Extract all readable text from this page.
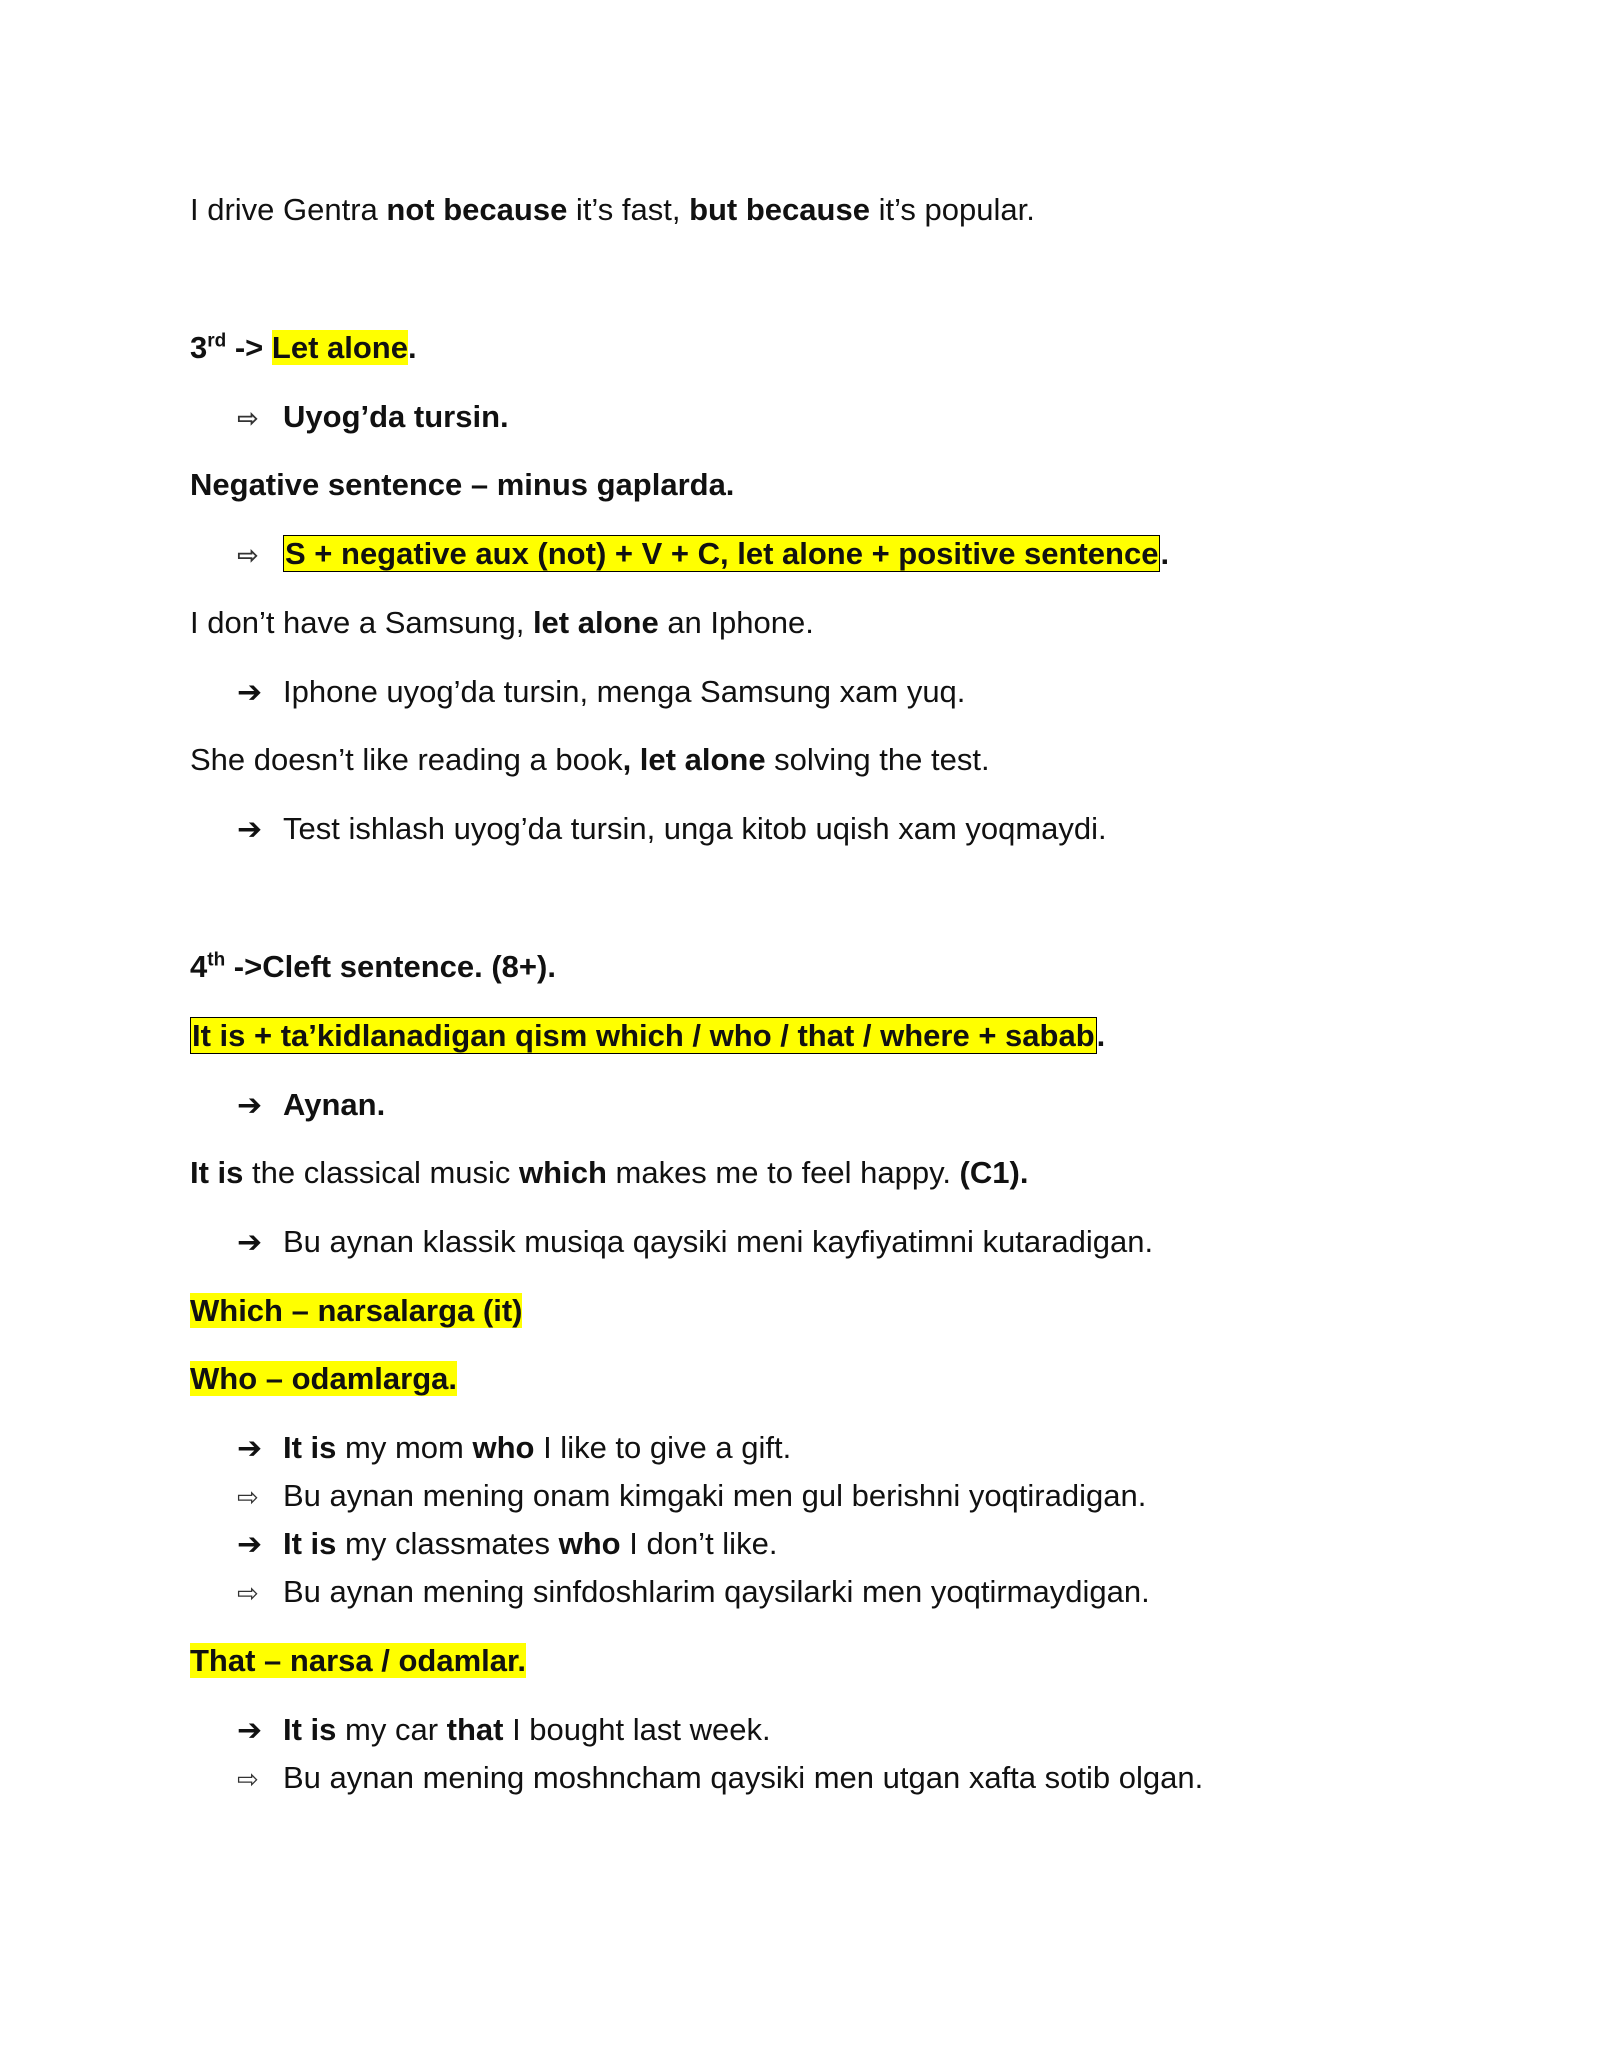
I drive Gentra not because it’s fast, but because it’s popular.
3rd -> Let alone.
⇨ Uyog’da tursin.
Negative sentence – minus gaplarda.
⇨ S + negative aux (not) + V + C, let alone + positive sentence.
I don’t have a Samsung, let alone an Iphone.
➔ Iphone uyog’da tursin, menga Samsung xam yuq.
She doesn’t like reading a book, let alone solving the test.
➔ Test ishlash uyog’da tursin, unga kitob uqish xam yoqmaydi.
4th ->Cleft sentence. (8+).
It is + ta’kidlanadigan qism which / who / that / where + sabab.
➔ Aynan.
It is the classical music which makes me to feel happy. (C1).
➔ Bu aynan klassik musiqa qaysiki meni kayfiyatimni kutaradigan.
Which – narsalarga (it)
Who – odamlarga.
➔ It is my mom who I like to give a gift.
⇨ Bu aynan mening onam kimgaki men gul berishni yoqtiradigan.
➔ It is my classmates who I don’t like.
⇨ Bu aynan mening sinfdoshlarim qaysilarki men yoqtirmaydigan.
That – narsa / odamlar.
➔ It is my car that I bought last week.
⇨ Bu aynan mening moshncham qaysiki men utgan xafta sotib olgan.
